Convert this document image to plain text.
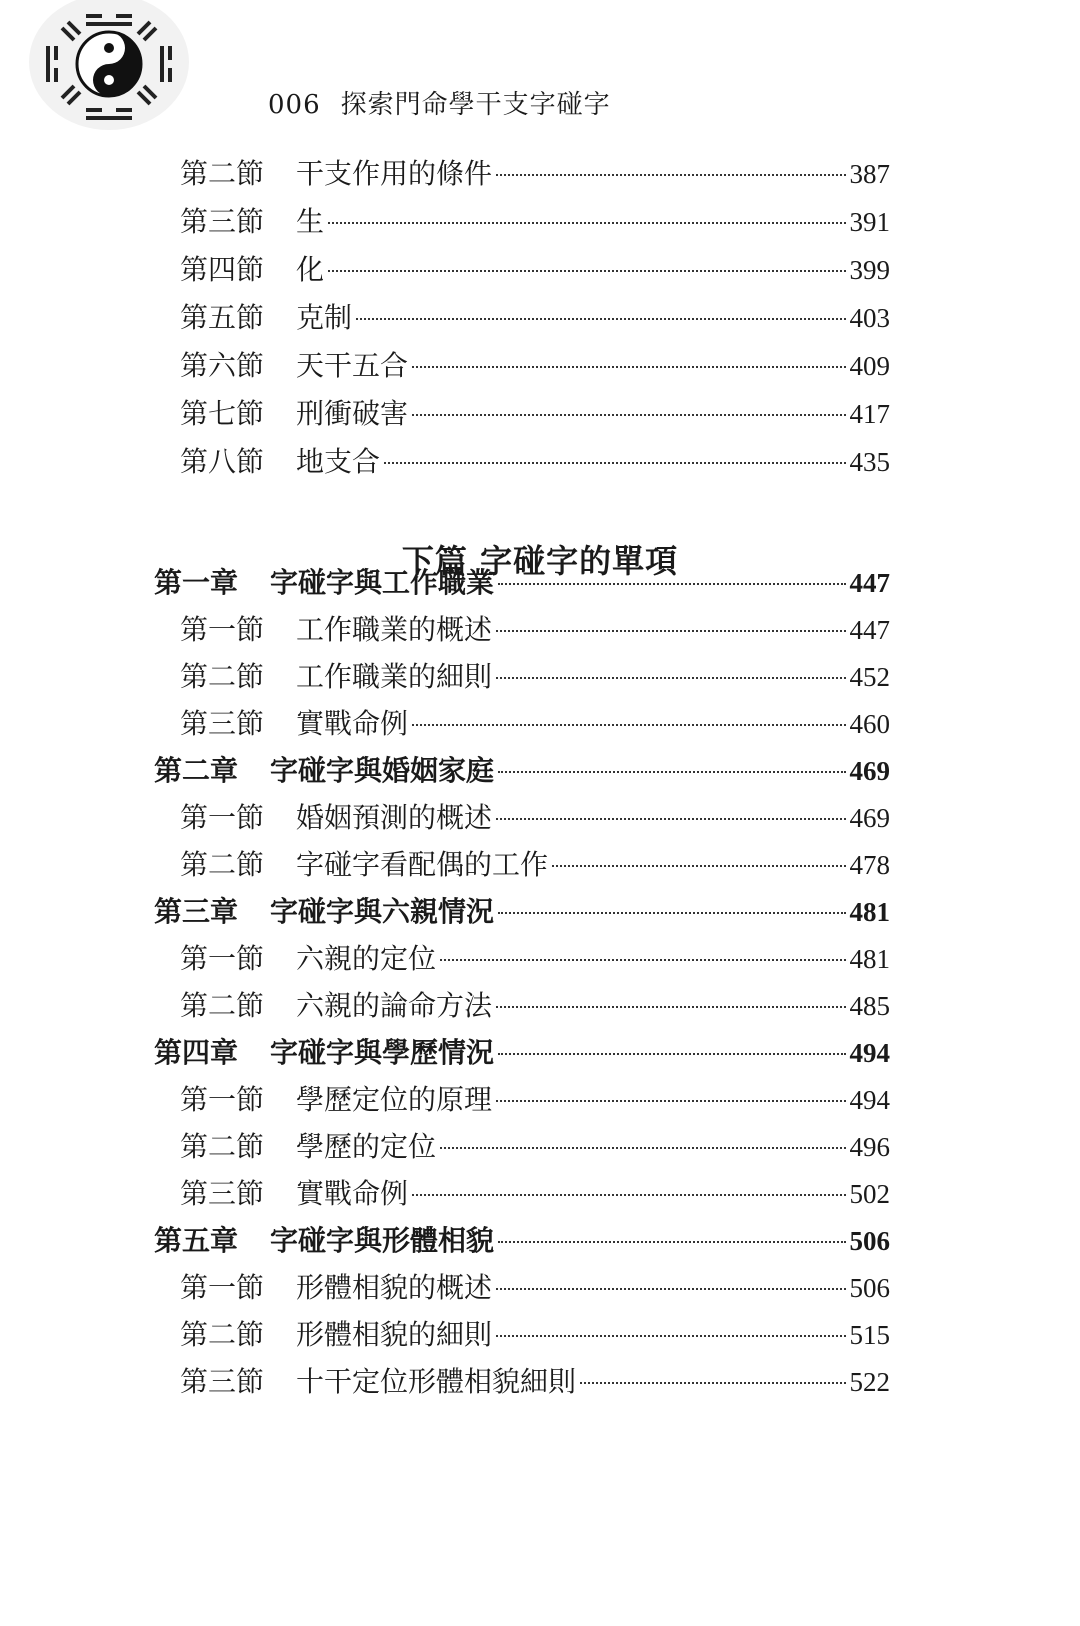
006 探索門命學干支字碰字
第二節	干支作用的條件	387
第三節	生	391
第四節	化	399
第五節	克制	403
第六節	天干五合	409
第七節	刑衝破害	417
第八節	地支合	435
下篇 字碰字的單項
第一章	字碰字與工作職業	447
第一節	工作職業的概述	447
第二節	工作職業的細則	452
第三節	實戰命例	460
第二章	字碰字與婚姻家庭	469
第一節	婚姻預測的概述	469
第二節	字碰字看配偶的工作	478
第三章	字碰字與六親情況	481
第一節	六親的定位	481
第二節	六親的論命方法	485
第四章	字碰字與學歷情況	494
第一節	學歷定位的原理	494
第二節	學歷的定位	496
第三節	實戰命例	502
第五章	字碰字與形體相貌	506
第一節	形體相貌的概述	506
第二節	形體相貌的細則	515
第三節	十干定位形體相貌細則	522
